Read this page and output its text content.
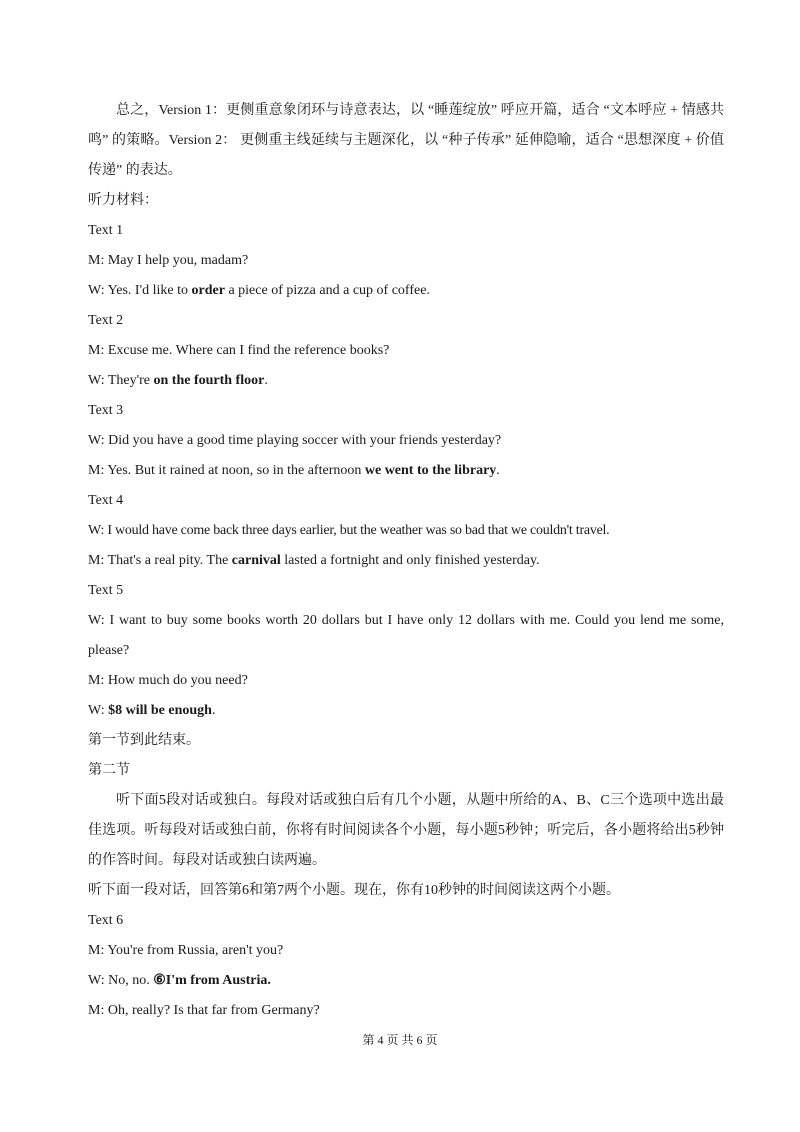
总之，Version 1：更侧重意象闭环与诗意表达，以 “睡莲绽放” 呼应开篇，适合 “文本呼应 + 情感共鸣” 的策略。Version 2： 更侧重主线延续与主题深化，以 “种子传承” 延伸隐喻，适合 “思想深度 + 价值传递” 的表达。

听力材料：

Text 1

M: May I help you, madam?

W: Yes. I'd like to order a piece of pizza and a cup of coffee.

Text 2

M: Excuse me. Where can I find the reference books?

W: They're on the fourth floor.

Text 3

W: Did you have a good time playing soccer with your friends yesterday?

M: Yes. But it rained at noon, so in the afternoon we went to the library.

Text 4

W: I would have come back three days earlier, but the weather was so bad that we couldn't travel.

M: That's a real pity. The carnival lasted a fortnight and only finished yesterday.

Text 5

W: I want to buy some books worth 20 dollars but I have only 12 dollars with me. Could you lend me some, please?

M: How much do you need?

W: $8 will be enough.

第一节到此结束。

第二节

听下面5段对话或独白。每段对话或独白后有几个小题，从题中所给的A、B、C三个选项中选出最佳选项。听每段对话或独白前，你将有时间阅读各个小题，每小题5秒钟；听完后，各小题将给出5秒钟的作答时间。每段对话或独白读两遍。

听下面一段对话，回答第6和第7两个小题。现在，你有10秒钟的时间阅读这两个小题。

Text 6

M: You're from Russia, aren't you?

W: No, no. ⑥I'm from Austria.

M: Oh, really? Is that far from Germany?

第 4 页 共 6 页
